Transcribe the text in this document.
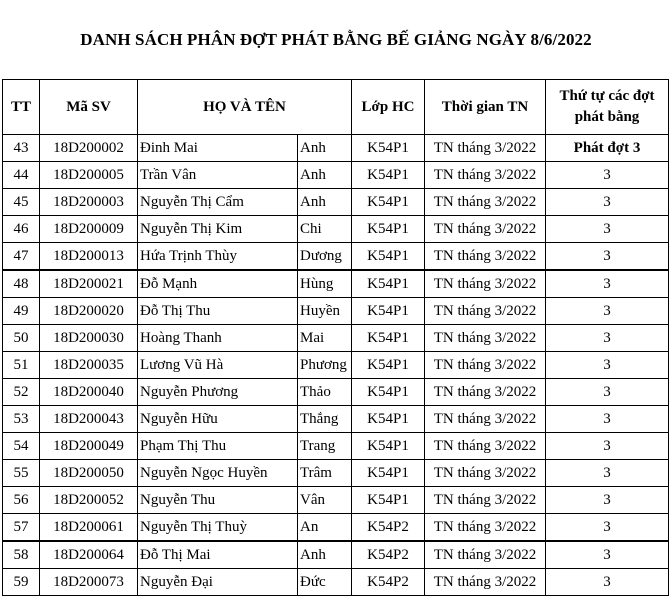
DANH SÁCH PHÂN ĐỢT PHÁT BẰNG BẾ GIẢNG NGÀY 8/6/2022
TT	Mã SV	HỌ VÀ TÊN		Lớp HC	Thời gian TN	Thứ tự các đợt phát bằng
43	18D200002	Đinh Mai	Anh	K54P1	TN tháng 3/2022	Phát đợt 3
44	18D200005	Trần Vân	Anh	K54P1	TN tháng 3/2022	3
45	18D200003	Nguyễn Thị Cẩm	Anh	K54P1	TN tháng 3/2022	3
46	18D200009	Nguyễn Thị Kim	Chi	K54P1	TN tháng 3/2022	3
47	18D200013	Hứa Trịnh Thùy	Dương	K54P1	TN tháng 3/2022	3
48	18D200021	Đỗ Mạnh	Hùng	K54P1	TN tháng 3/2022	3
49	18D200020	Đỗ Thị Thu	Huyền	K54P1	TN tháng 3/2022	3
50	18D200030	Hoàng Thanh	Mai	K54P1	TN tháng 3/2022	3
51	18D200035	Lương Vũ Hà	Phương	K54P1	TN tháng 3/2022	3
52	18D200040	Nguyễn Phương	Thảo	K54P1	TN tháng 3/2022	3
53	18D200043	Nguyễn Hữu	Thắng	K54P1	TN tháng 3/2022	3
54	18D200049	Phạm Thị Thu	Trang	K54P1	TN tháng 3/2022	3
55	18D200050	Nguyễn Ngọc Huyền	Trâm	K54P1	TN tháng 3/2022	3
56	18D200052	Nguyễn Thu	Vân	K54P1	TN tháng 3/2022	3
57	18D200061	Nguyễn Thị Thuỳ	An	K54P2	TN tháng 3/2022	3
58	18D200064	Đỗ Thị Mai	Anh	K54P2	TN tháng 3/2022	3
59	18D200073	Nguyễn Đại	Đức	K54P2	TN tháng 3/2022	3
